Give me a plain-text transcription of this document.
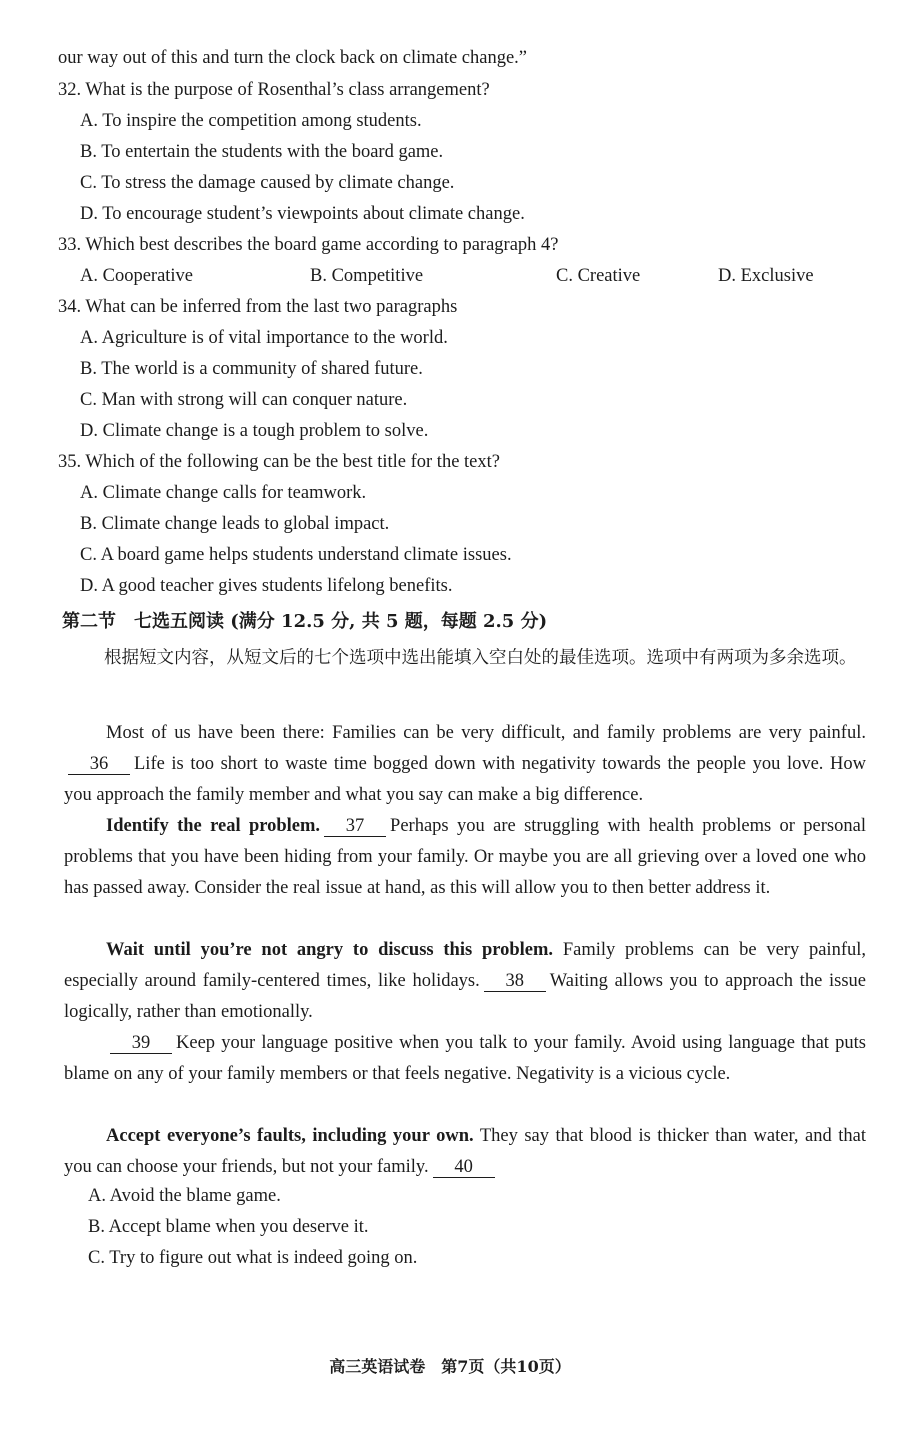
our way out of this and turn the clock back on climate change.”
32. What is the purpose of Rosenthal’s class arrangement?
A. To inspire the competition among students.
B. To entertain the students with the board game.
C. To stress the damage caused by climate change.
D. To encourage student’s viewpoints about climate change.
33. Which best describes the board game according to paragraph 4?
A. Cooperative	B. Competitive	C. Creative	D. Exclusive
34. What can be inferred from the last two paragraphs
A. Agriculture is of vital importance to the world.
B. The world is a community of shared future.
C. Man with strong will can conquer nature.
D. Climate change is a tough problem to solve.
35. Which of the following can be the best title for the text?
A. Climate change calls for teamwork.
B. Climate change leads to global impact.
C. A board game helps students understand climate issues.
D. A good teacher gives students lifelong benefits.
第二节　七选五阅读 (满分 12.5 分, 共 5 题，每题 2.5 分)
根据短文内容，从短文后的七个选项中选出能填入空白处的最佳选项。选项中有两项为多余选项。
Most of us have been there: Families can be very difficult, and family problems are very painful.36 Life is too short to waste time bogged down with negativity towards the people you love. How you approach the family member and what you say can make a big difference.
Identify the real problem. 37 Perhaps you are struggling with health problems or personal problems that you have been hiding from your family. Or maybe you are all grieving over a loved one who has passed away. Consider the real issue at hand, as this will allow you to then better address it.
Wait until you’re not angry to discuss this problem. Family problems can be very painful, especially around family-centered times, like holidays. 38 Waiting allows you to approach the issue logically, rather than emotionally.
39 Keep your language positive when you talk to your family. Avoid using language that puts blame on any of your family members or that feels negative. Negativity is a vicious cycle.
Accept everyone’s faults, including your own. They say that blood is thicker than water, and that you can choose your friends, but not your family. 40
A. Avoid the blame game.
B. Accept blame when you deserve it.
C. Try to figure out what is indeed going on.
高三英语试卷　第7页（共10页）
